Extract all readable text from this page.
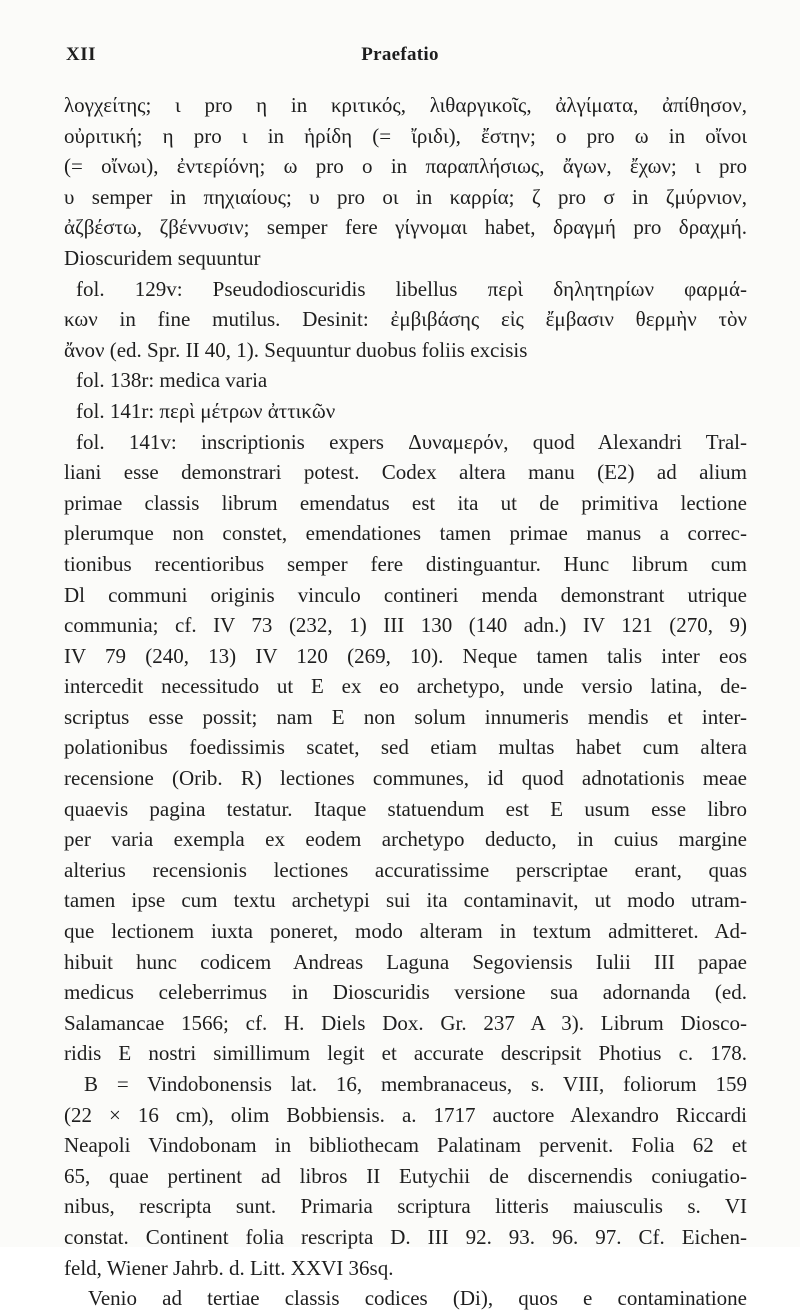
XII	Praefatio
λογχείτης; ι pro η in κριτικός, λιθαργικοῖς, ἀλγίματα, ἀπίθησον,
οὐριτική; η pro ι in ἡρίδη (= ἴριδι), ἔστην; ο pro ω in οἴνοι
(= οἴνωι), ἐντερίόνη; ω pro ο in παραπλήσιως, ἄγων, ἔχων; ι pro
υ semper in πηχιαίους; υ pro οι in καρρία; ζ pro σ in ζμύρνιον,
ἀζβέστω, ζβέννυσιν; semper fere γίγνομαι habet, δραγμή pro δραχμή.
Dioscuridem sequuntur
fol. 129v: Pseudodioscuridis libellus περὶ δηλητηρίων φαρμά-
κων in fine mutilus. Desinit: ἐμβιβάσης εἰς ἔμβασιν θερμὴν τὸν
ἄνον (ed. Spr. II 40, 1). Sequuntur duobus foliis excisis
fol. 138r: medica varia
fol. 141r: περὶ μέτρων ἀττικῶν
fol. 141v: inscriptionis expers Δυναμερόν, quod Alexandri Tral-
liani esse demonstrari potest. Codex altera manu (E2) ad alium
primae classis librum emendatus est ita ut de primitiva lectione
plerumque non constet, emendationes tamen primae manus a correc-
tionibus recentioribus semper fere distinguantur. Hunc librum cum
Dl communi originis vinculo contineri menda demonstrant utrique
communia; cf. IV 73 (232, 1) III 130 (140 adn.) IV 121 (270, 9)
IV 79 (240, 13) IV 120 (269, 10). Neque tamen talis inter eos
intercedit necessitudo ut E ex eo archetypo, unde versio latina, de-
scriptus esse possit; nam E non solum innumeris mendis et inter-
polationibus foedissimis scatet, sed etiam multas habet cum altera
recensione (Orib. R) lectiones communes, id quod adnotationis meae
quaevis pagina testatur. Itaque statuendum est E usum esse libro
per varia exempla ex eodem archetypo deducto, in cuius margine
alterius recensionis lectiones accuratissime perscriptae erant, quas
tamen ipse cum textu archetypi sui ita contaminavit, ut modo utram-
que lectionem iuxta poneret, modo alteram in textum admitteret. Ad-
hibuit hunc codicem Andreas Laguna Segoviensis Iulii III papae
medicus celeberrimus in Dioscuridis versione sua adornanda (ed.
Salamancae 1566; cf. H. Diels Dox. Gr. 237 A 3). Librum Diosco-
ridis E nostri simillimum legit et accurate descripsit Photius c. 178.
B = Vindobonensis lat. 16, membranaceus, s. VIII, foliorum 159
(22 × 16 cm), olim Bobbiensis. a. 1717 auctore Alexandro Riccardi
Neapoli Vindobonam in bibliothecam Palatinam pervenit. Folia 62 et
65, quae pertinent ad libros II Eutychii de discernendis coniugatio-
nibus, rescripta sunt. Primaria scriptura litteris maiusculis s. VI
constat. Continent folia rescripta D. III 92. 93. 96. 97. Cf. Eichen-
feld, Wiener Jahrb. d. Litt. XXVI 36sq.
Venio ad tertiae classis codices (Di), quos e contaminatione
